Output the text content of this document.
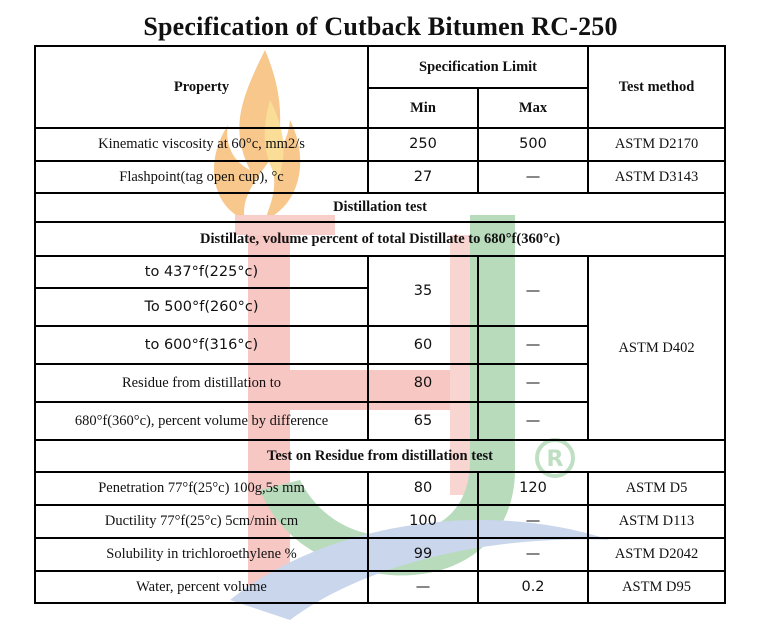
Specification of Cutback Bitumen RC-250
R
Property	Specification Limit		Test method
	Min	Max	
Kinematic viscosity at 60°c, mm2/s	250	500	ASTM D2170
Flashpoint(tag open cup), °c	27	—	ASTM D3143
Distillation test			
Distillate, volume percent of total Distillate to 680°f(360°c)			
to 437°f(225°c)	35	—	ASTM D402
To 500°f(260°c)			
to 600°f(316°c)	60	—	
Residue from distillation to	80	—	
680°f(360°c), percent volume by difference	65	—	
Test on Residue from distillation test			
Penetration 77°f(25°c) 100g,5s mm	80	120	ASTM D5
Ductility 77°f(25°c) 5cm/min cm	100	—	ASTM D113
Solubility in trichloroethylene %	99	—	ASTM D2042
Water, percent volume	—	0.2	ASTM D95
